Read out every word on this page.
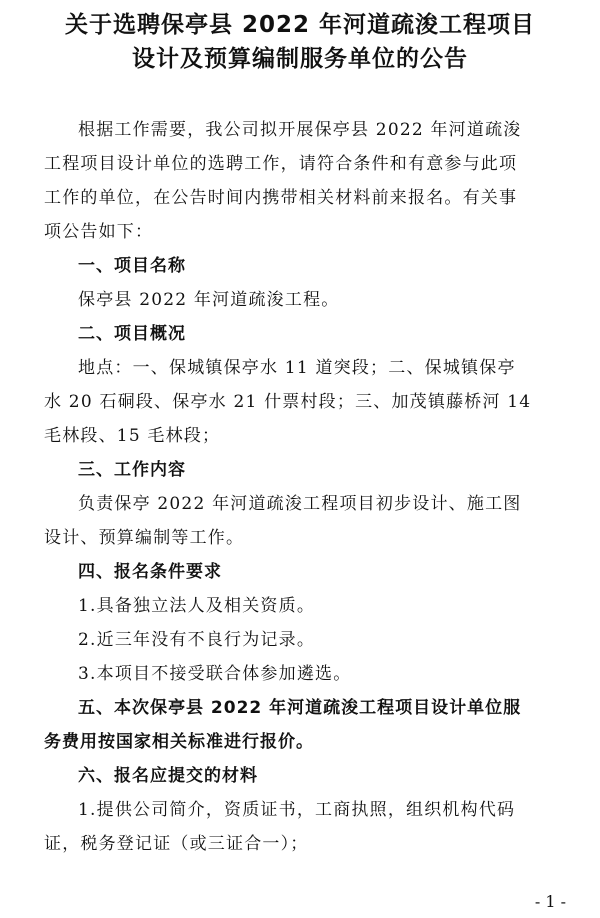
关于选聘保亭县 2022 年河道疏浚工程项目
设计及预算编制服务单位的公告
根据工作需要，我公司拟开展保亭县 2022 年河道疏浚
工程项目设计单位的选聘工作，请符合条件和有意参与此项
工作的单位，在公告时间内携带相关材料前来报名。有关事
项公告如下：
一、项目名称
保亭县 2022 年河道疏浚工程。
二、项目概况
地点：一、保城镇保亭水 11 道突段；二、保城镇保亭
水 20 石硐段、保亭水 21 什票村段；三、加茂镇藤桥河 14
毛林段、15 毛林段；
三、工作内容
负责保亭 2022 年河道疏浚工程项目初步设计、施工图
设计、预算编制等工作。
四、报名条件要求
1.具备独立法人及相关资质。
2.近三年没有不良行为记录。
3.本项目不接受联合体参加遴选。
五、本次保亭县 2022 年河道疏浚工程项目设计单位服
务费用按国家相关标准进行报价。
六、报名应提交的材料
1.提供公司简介，资质证书，工商执照，组织机构代码
证，税务登记证（或三证合一）；
- 1 -
